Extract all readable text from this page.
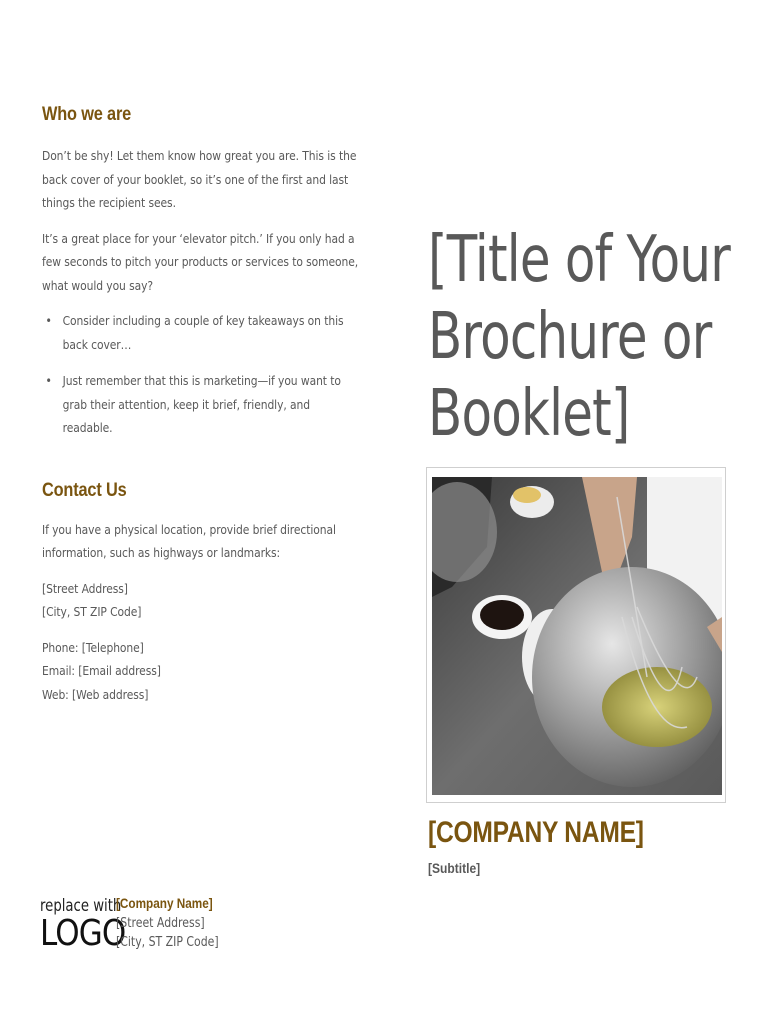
Who we are

Don’t be shy! Let them know how great you are. This is the back cover of your booklet, so it’s one of the first and last things the recipient sees.

It’s a great place for your ‘elevator pitch.’ If you only had a few seconds to pitch your products or services to someone, what would you say?

• Consider including a couple of key takeaways on this back cover…
• Just remember that this is marketing—if you want to grab their attention, keep it brief, friendly, and readable.
Contact Us

If you have a physical location, provide brief directional information, such as highways or landmarks:

[Street Address]
[City, ST ZIP Code]

Phone: [Telephone]
Email: [Email address]
Web: [Web address]

[Title of Your
Brochure or
Booklet]
[COMPANY NAME]
[Subtitle]
replace with
LOGO
[Company Name]
[Street Address]
[City, ST ZIP Code]
